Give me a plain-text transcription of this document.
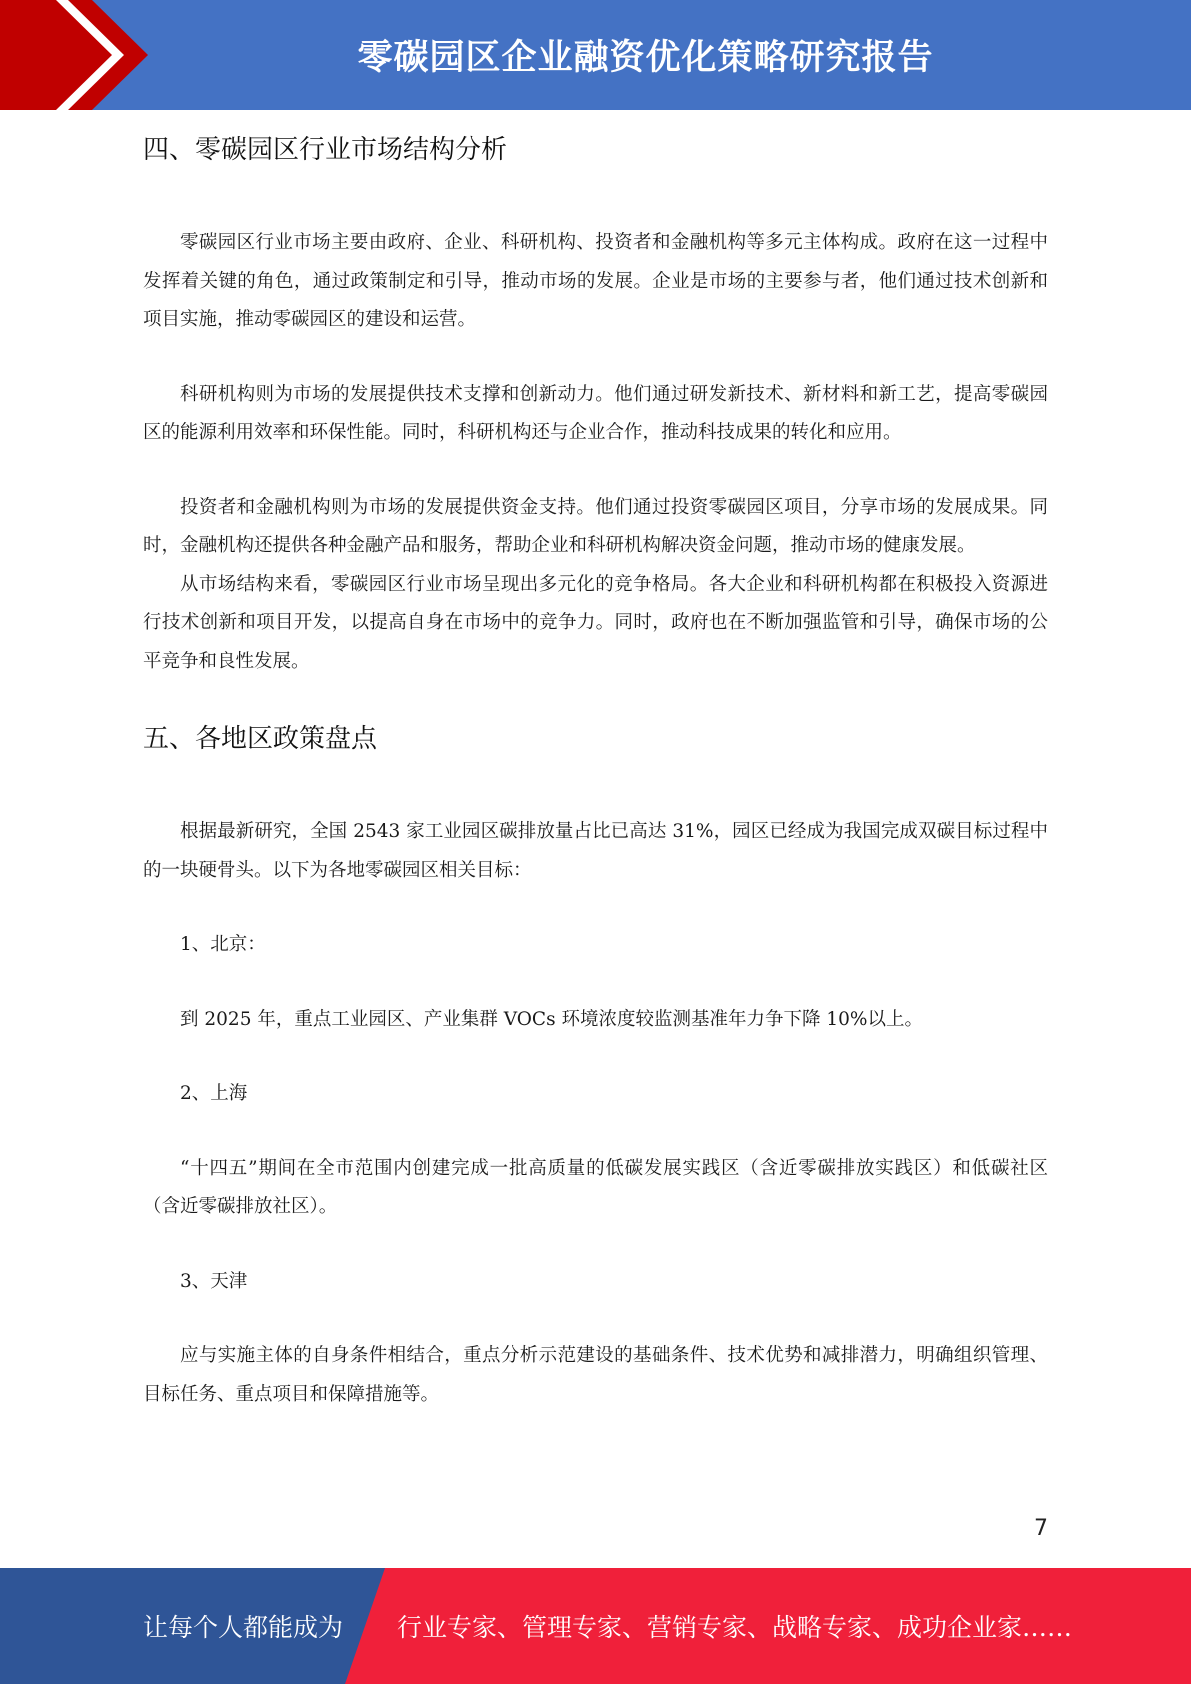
零碳园区企业融资优化策略研究报告
四、零碳园区行业市场结构分析

零碳园区行业市场主要由政府、企业、科研机构、投资者和金融机构等多元主体构成。政府在这一过程中发挥着关键的角色，通过政策制定和引导，推动市场的发展。企业是市场的主要参与者，他们通过技术创新和项目实施，推动零碳园区的建设和运营。

科研机构则为市场的发展提供技术支撑和创新动力。他们通过研发新技术、新材料和新工艺，提高零碳园区的能源利用效率和环保性能。同时，科研机构还与企业合作，推动科技成果的转化和应用。

投资者和金融机构则为市场的发展提供资金支持。他们通过投资零碳园区项目，分享市场的发展成果。同时，金融机构还提供各种金融产品和服务，帮助企业和科研机构解决资金问题，推动市场的健康发展。

从市场结构来看，零碳园区行业市场呈现出多元化的竞争格局。各大企业和科研机构都在积极投入资源进行技术创新和项目开发，以提高自身在市场中的竞争力。同时，政府也在不断加强监管和引导，确保市场的公平竞争和良性发展。

五、各地区政策盘点

根据最新研究，全国 2543 家工业园区碳排放量占比已高达 31%，园区已经成为我国完成双碳目标过程中的一块硬骨头。以下为各地零碳园区相关目标：

1、北京：

到 2025 年，重点工业园区、产业集群 VOCs 环境浓度较监测基准年力争下降 10%以上。

2、上海

“十四五”期间在全市范围内创建完成一批高质量的低碳发展实践区（含近零碳排放实践区）和低碳社区（含近零碳排放社区）。

3、天津

应与实施主体的自身条件相结合，重点分析示范建设的基础条件、技术优势和减排潜力，明确组织管理、目标任务、重点项目和保障措施等。

7
让每个人都能成为 行业专家、管理专家、营销专家、战略专家、成功企业家……
